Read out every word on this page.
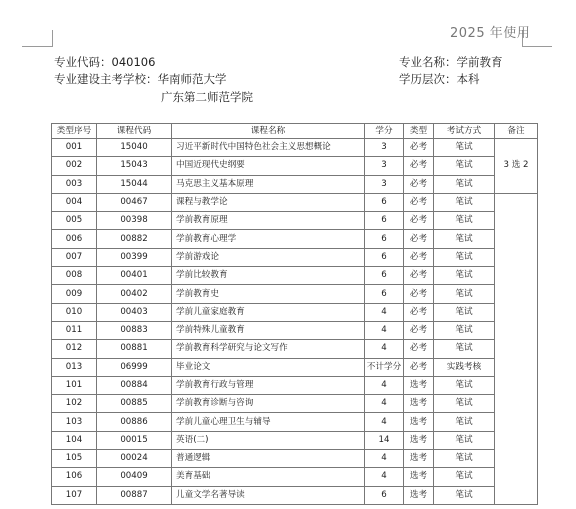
2025 年使用
专业代码：040106	专业名称：学前教育
专业建设主考学校：华南师范大学	学历层次：本科
广东第二师范学院
类型序号	课程代码	课程名称	学分	类型	考试方式	备注
001	15040	习近平新时代中国特色社会主义思想概论	3	必考	笔试	3 选 2
002	15043	中国近现代史纲要	3	必考	笔试	
003	15044	马克思主义基本原理	3	必考	笔试	
004	00467	课程与教学论	6	必考	笔试	
005	00398	学前教育原理	6	必考	笔试	
006	00882	学前教育心理学	6	必考	笔试	
007	00399	学前游戏论	6	必考	笔试	
008	00401	学前比较教育	6	必考	笔试	
009	00402	学前教育史	6	必考	笔试	
010	00403	学前儿童家庭教育	4	必考	笔试	
011	00883	学前特殊儿童教育	4	必考	笔试	
012	00881	学前教育科学研究与论文写作	4	必考	笔试	
013	06999	毕业论文	不计学分	必考	实践考核	
101	00884	学前教育行政与管理	4	选考	笔试	
102	00885	学前教育诊断与咨询	4	选考	笔试	
103	00886	学前儿童心理卫生与辅导	4	选考	笔试	
104	00015	英语(二)	14	选考	笔试	
105	00024	普通逻辑	4	选考	笔试	
106	00409	美育基础	4	选考	笔试	
107	00887	儿童文学名著导读	6	选考	笔试	
